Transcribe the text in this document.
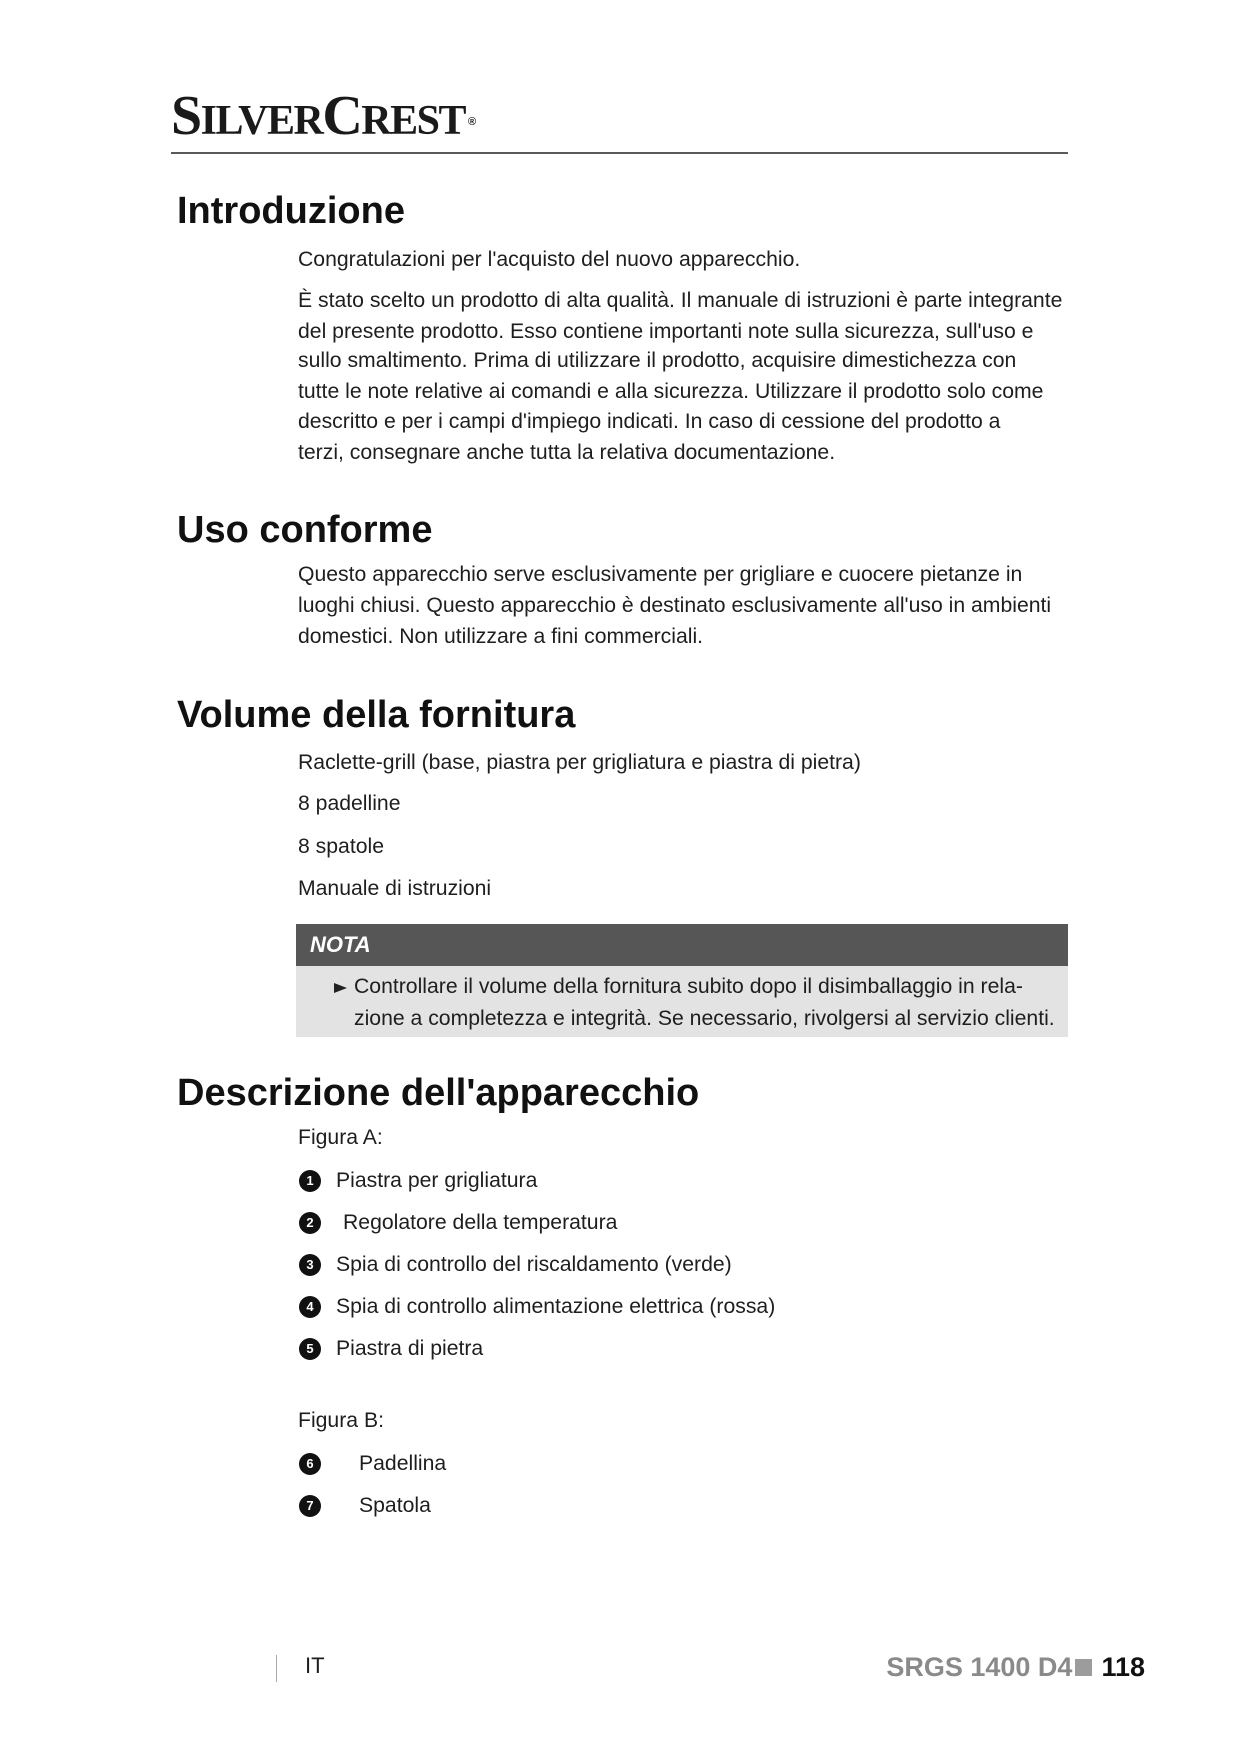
SILVERCREST ®
Introduzione
Congratulazioni per l'acquisto del nuovo apparecchio.
È stato scelto un prodotto di alta qualità. Il manuale di istruzioni è parte integrante
del presente prodotto. Esso contiene importanti note sulla sicurezza, sull'uso e
sullo smaltimento. Prima di utilizzare il prodotto, acquisire dimestichezza con
tutte le note relative ai comandi e alla sicurezza. Utilizzare il prodotto solo come
descritto e per i campi d'impiego indicati. In caso di cessione del prodotto a
terzi, consegnare anche tutta la relativa documentazione.
Uso conforme
Questo apparecchio serve esclusivamente per grigliare e cuocere pietanze in
luoghi chiusi. Questo apparecchio è destinato esclusivamente all'uso in ambienti
domestici. Non utilizzare a fini commerciali.
Volume della fornitura
Raclette-grill (base, piastra per grigliatura e piastra di pietra)
8 padelline
8 spatole
Manuale di istruzioni
NOTA
Controllare il volume della fornitura subito dopo il disimballaggio in rela-
zione a completezza e integrità. Se necessario, rivolgersi al servizio clienti.
Descrizione dell'apparecchio
Figura A:
1	Piastra per grigliatura
2	Regolatore della temperatura
3	Spia di controllo del riscaldamento (verde)
4	Spia di controllo alimentazione elettrica (rossa)
5	Piastra di pietra
Figura B:
6	Padellina
7	Spatola
IT	SRGS 1400 D4 118
